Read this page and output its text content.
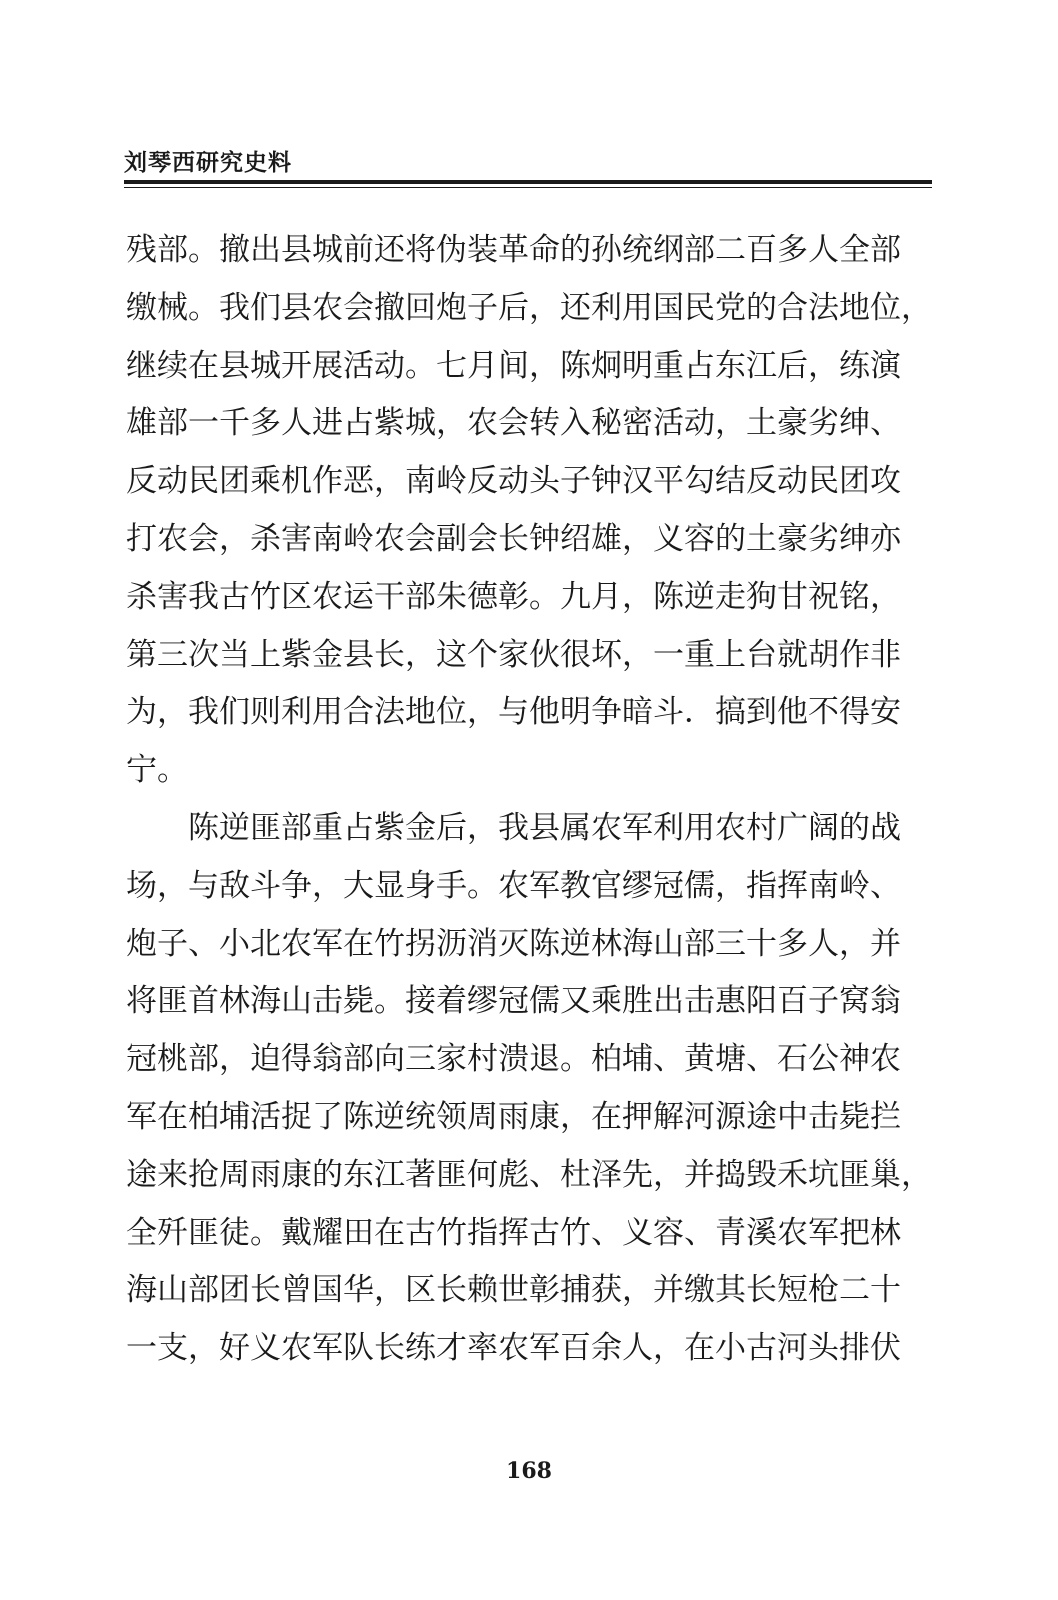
刘琴西研究史料
残部。撤出县城前还将伪装革命的孙统纲部二百多人全部
缴械。我们县农会撤回炮子后，还利用国民党的合法地位，
继续在县城开展活动。七月间，陈炯明重占东江后，练演
雄部一千多人进占紫城，农会转入秘密活动，土豪劣绅、
反动民团乘机作恶，南岭反动头子钟汉平勾结反动民团攻
打农会，杀害南岭农会副会长钟绍雄，义容的土豪劣绅亦
杀害我古竹区农运干部朱德彰。九月，陈逆走狗甘祝铭，
第三次当上紫金县长，这个家伙很坏，一重上台就胡作非
为，我们则利用合法地位，与他明争暗斗．搞到他不得安
宁。
　　陈逆匪部重占紫金后，我县属农军利用农村广阔的战
场，与敌斗争，大显身手。农军教官缪冠儒，指挥南岭、
炮子、小北农军在竹拐沥消灭陈逆林海山部三十多人，并
将匪首林海山击毙。接着缪冠儒又乘胜出击惠阳百子窝翁
冠桃部，迫得翁部向三家村溃退。柏埔、黄塘、石公神农
军在柏埔活捉了陈逆统领周雨康，在押解河源途中击毙拦
途来抢周雨康的东江著匪何彪、杜泽先，并捣毁禾坑匪巢，
全歼匪徒。戴耀田在古竹指挥古竹、义容、青溪农军把林
海山部团长曾国华，区长赖世彰捕获，并缴其长短枪二十
一支，好义农军队长练才率农军百余人，在小古河头排伏
168
